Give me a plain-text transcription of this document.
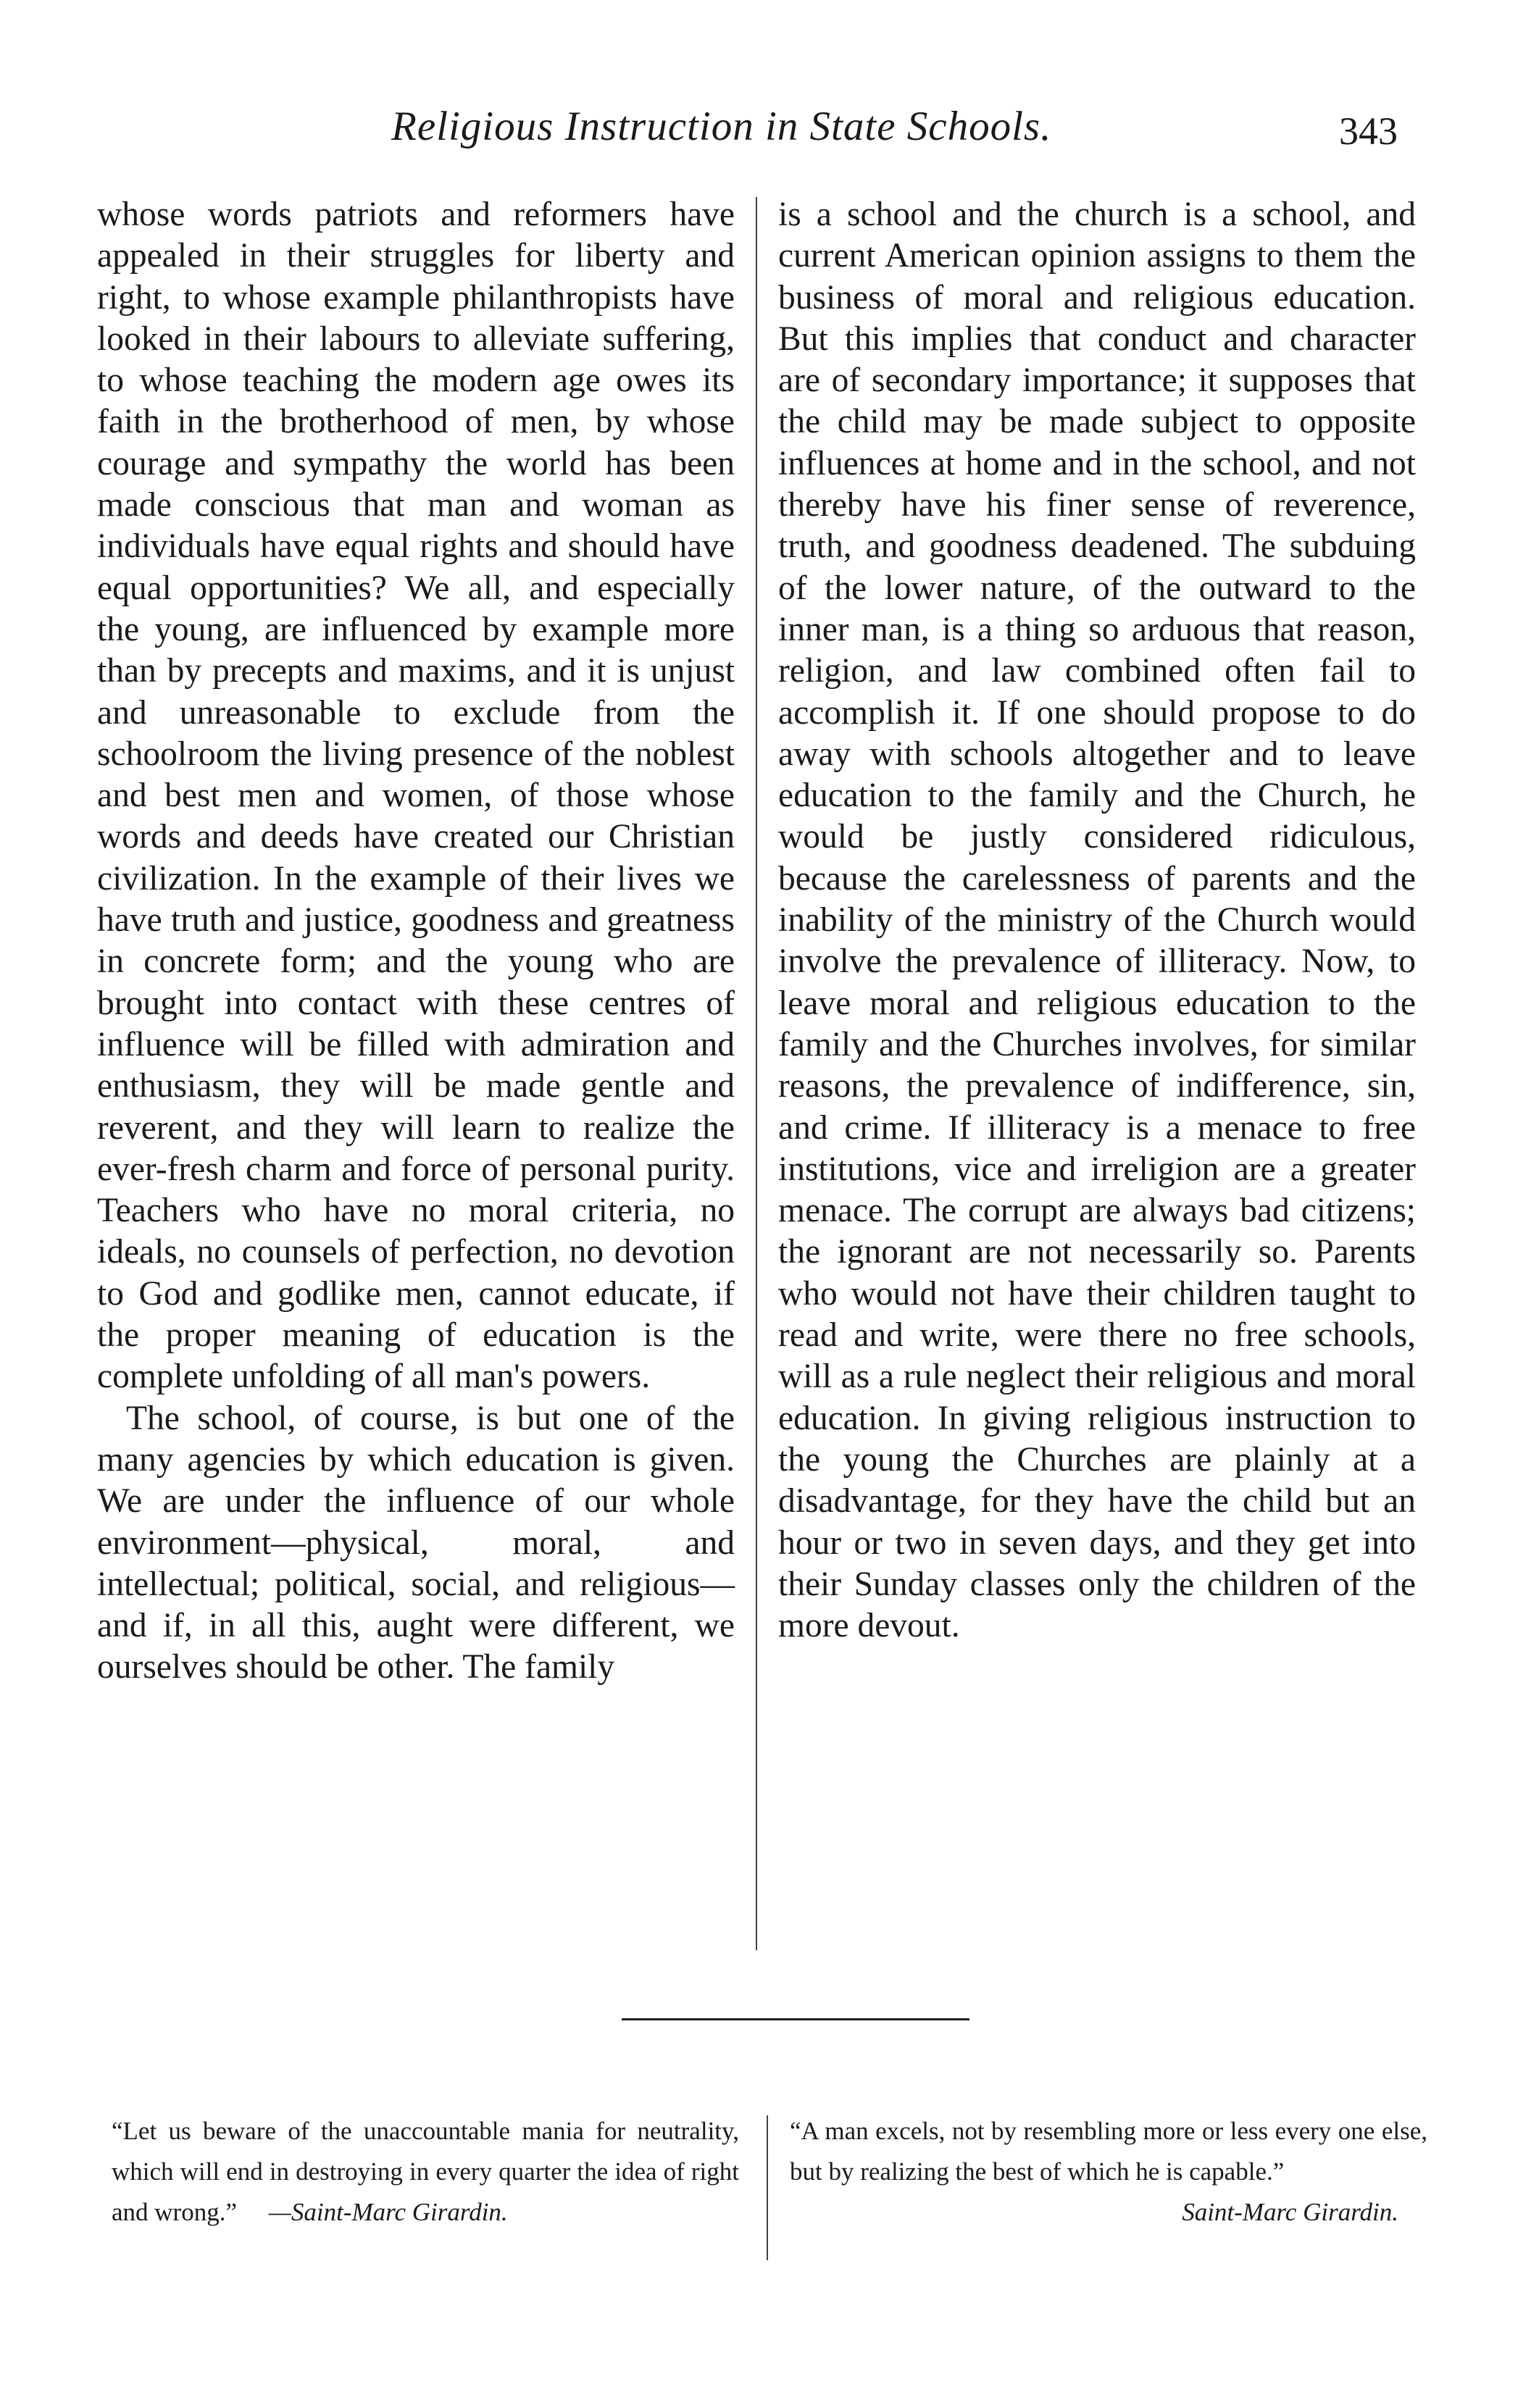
Religious Instruction in State Schools.	343

whose words patriots and reformers have appealed in their struggles for liberty and right, to whose example philanthropists have looked in their labours to alleviate suffering, to whose teaching the modern age owes its faith in the brotherhood of men, by whose courage and sympathy the world has been made conscious that man and woman as individuals have equal rights and should have equal opportunities? We all, and especially the young, are influenced by example more than by precepts and maxims, and it is unjust and unreasonable to exclude from the schoolroom the living presence of the noblest and best men and women, of those whose words and deeds have created our Christian civilization. In the example of their lives we have truth and justice, goodness and greatness in concrete form; and the young who are brought into contact with these centres of influence will be filled with admiration and enthusiasm, they will be made gentle and reverent, and they will learn to realize the ever-fresh charm and force of personal purity. Teachers who have no moral criteria, no ideals, no counsels of perfection, no devotion to God and godlike men, cannot educate, if the proper meaning of education is the complete unfolding of all man's powers.

The school, of course, is but one of the many agencies by which education is given. We are under the influence of our whole environment—physical, moral, and intellectual; political, social, and religious—and if, in all this, aught were different, we ourselves should be other. The family

is a school and the church is a school, and current American opinion assigns to them the business of moral and religious education. But this implies that conduct and character are of secondary importance; it supposes that the child may be made subject to opposite influences at home and in the school, and not thereby have his finer sense of reverence, truth, and goodness deadened. The subduing of the lower nature, of the outward to the inner man, is a thing so arduous that reason, religion, and law combined often fail to accomplish it. If one should propose to do away with schools altogether and to leave education to the family and the Church, he would be justly considered ridiculous, because the carelessness of parents and the inability of the ministry of the Church would involve the prevalence of illiteracy. Now, to leave moral and religious education to the family and the Churches involves, for similar reasons, the prevalence of indifference, sin, and crime. If illiteracy is a menace to free institutions, vice and irreligion are a greater menace. The corrupt are always bad citizens; the ignorant are not necessarily so. Parents who would not have their children taught to read and write, were there no free schools, will as a rule neglect their religious and moral education. In giving religious instruction to the young the Churches are plainly at a disadvantage, for they have the child but an hour or two in seven days, and they get into their Sunday classes only the children of the more devout.

“Let us beware of the unaccountable mania for neutrality, which will end in destroying in every quarter the idea of right and wrong.” —Saint-Marc Girardin.

“A man excels, not by resembling more or less every one else, but by realizing the best of which he is capable.”

Saint-Marc Girardin.
